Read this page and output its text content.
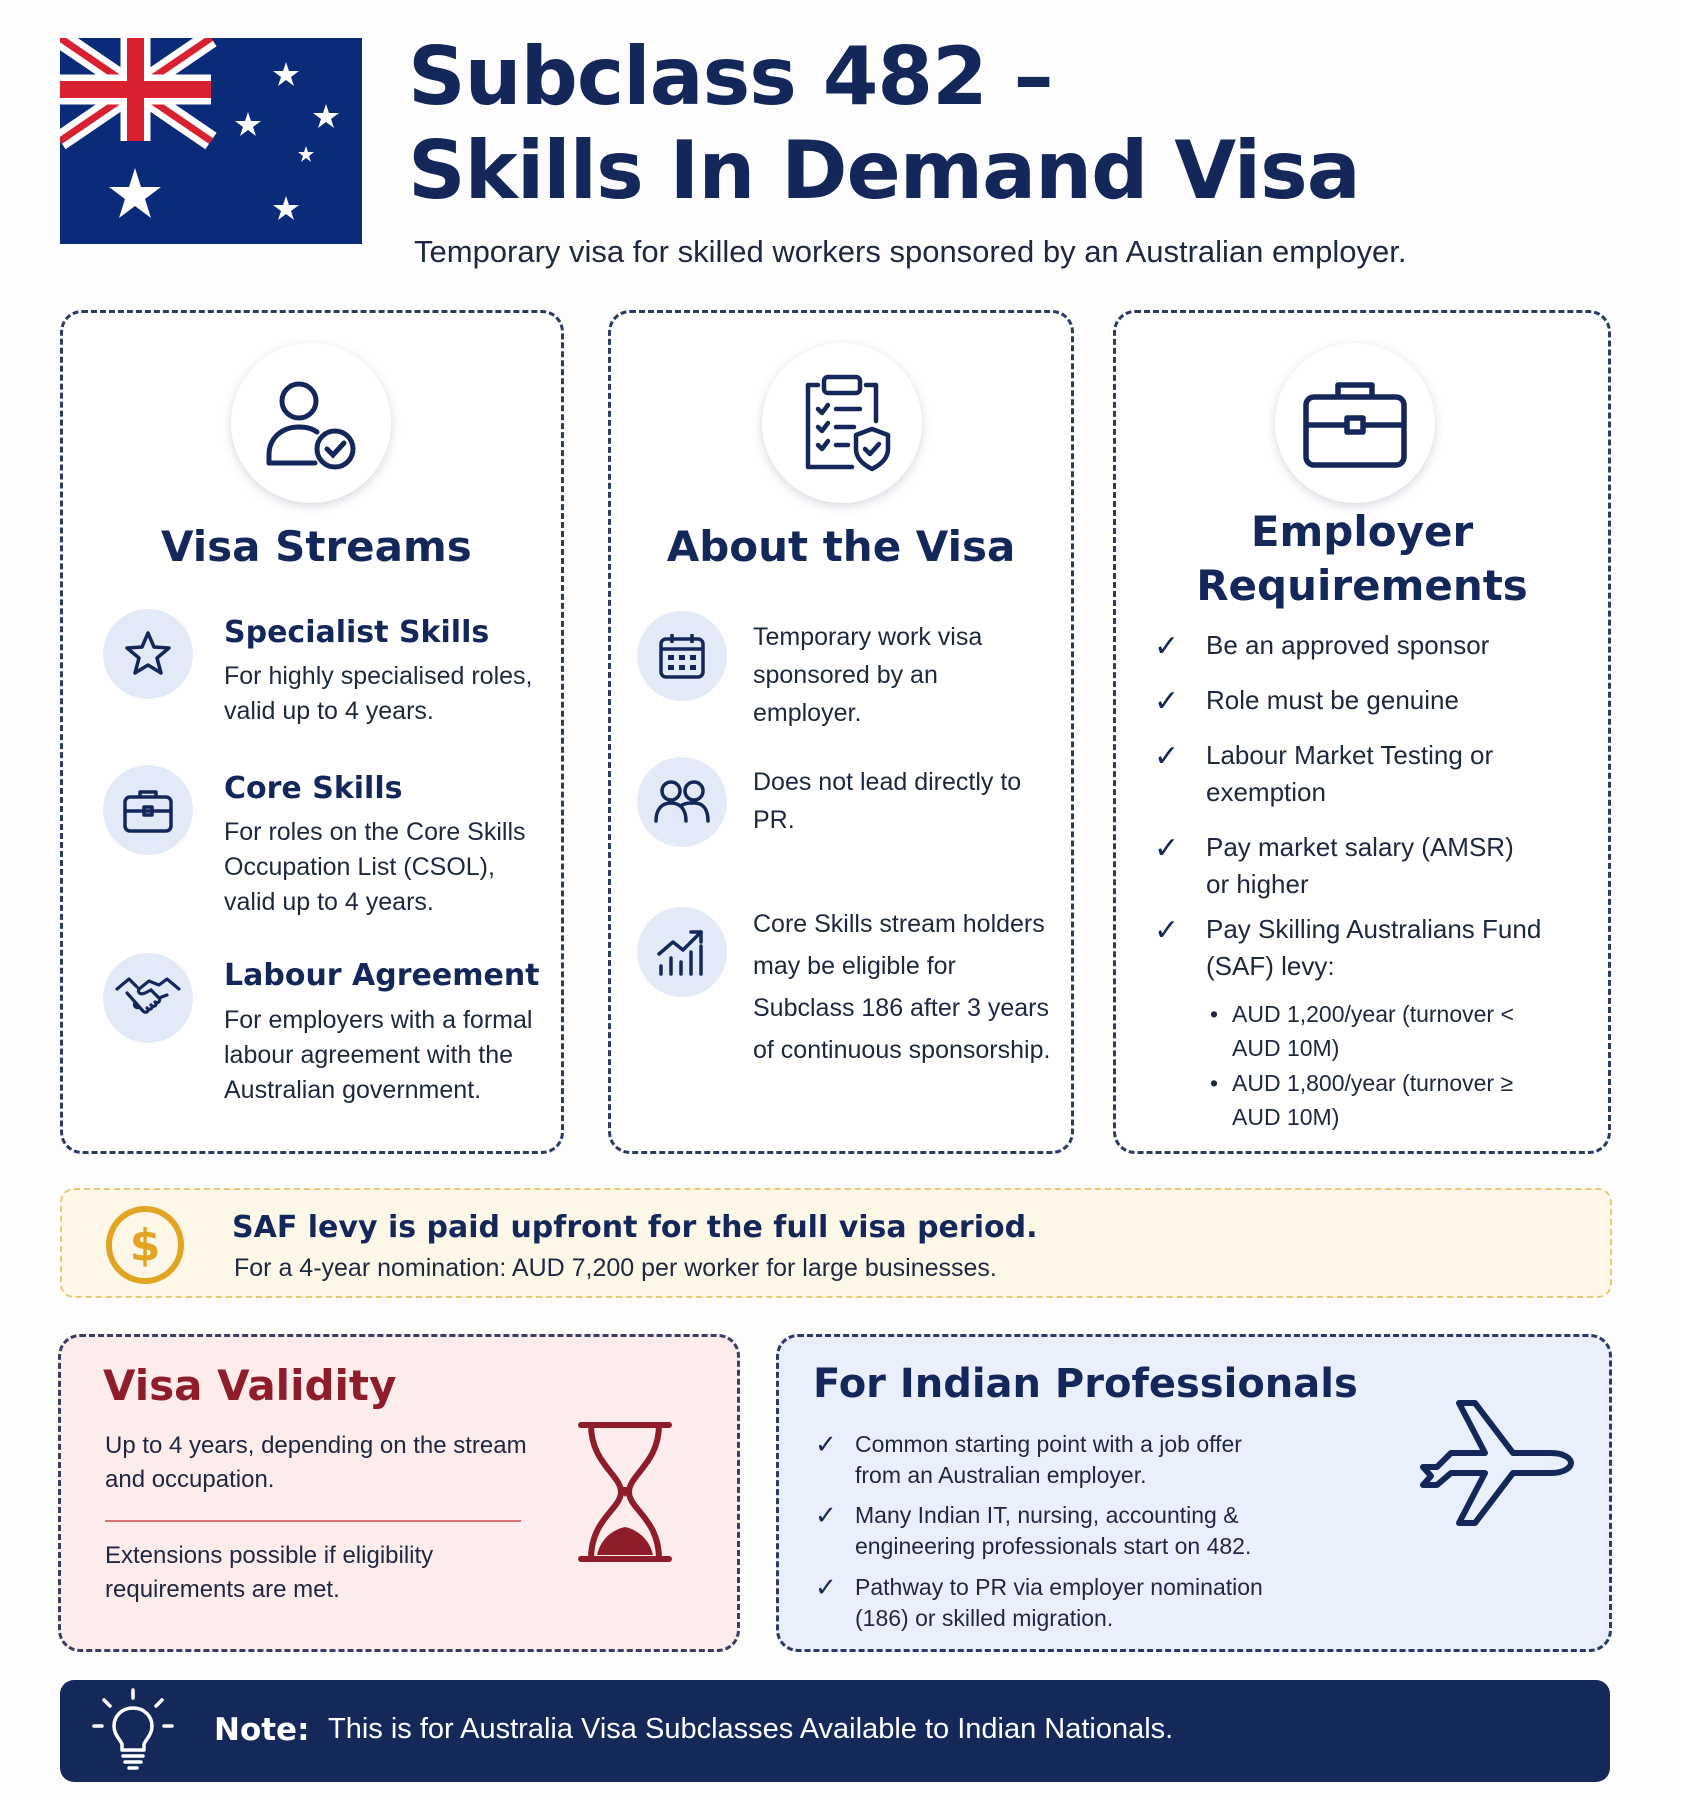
Subclass 482 –
Skills In Demand Visa
Temporary visa for skilled workers sponsored by an Australian employer.
Visa Streams
Specialist Skills
For highly specialised roles, valid up to 4 years.
Core Skills
For roles on the Core Skills Occupation List (CSOL), valid up to 4 years.
Labour Agreement
For employers with a formal labour agreement with the Australian government.
About the Visa
Temporary work visa sponsored by an employer.
Does not lead directly to PR.
Core Skills stream holders may be eligible for Subclass 186 after 3 years of continuous sponsorship.
Employer
Requirements
✓ Be an approved sponsor
✓ Role must be genuine
✓ Labour Market Testing or exemption
✓ Pay market salary (AMSR) or higher
✓ Pay Skilling Australians Fund (SAF) levy:
• AUD 1,200/year (turnover < AUD 10M)
• AUD 1,800/year (turnover ≥ AUD 10M)
$ SAF levy is paid upfront for the full visa period.
For a 4-year nomination: AUD 7,200 per worker for large businesses.
Visa Validity
Up to 4 years, depending on the stream and occupation.
Extensions possible if eligibility requirements are met.
For Indian Professionals
✓ Common starting point with a job offer from an Australian employer.
✓ Many Indian IT, nursing, accounting & engineering professionals start on 482.
✓ Pathway to PR via employer nomination (186) or skilled migration.
Note: This is for Australia Visa Subclasses Available to Indian Nationals.
